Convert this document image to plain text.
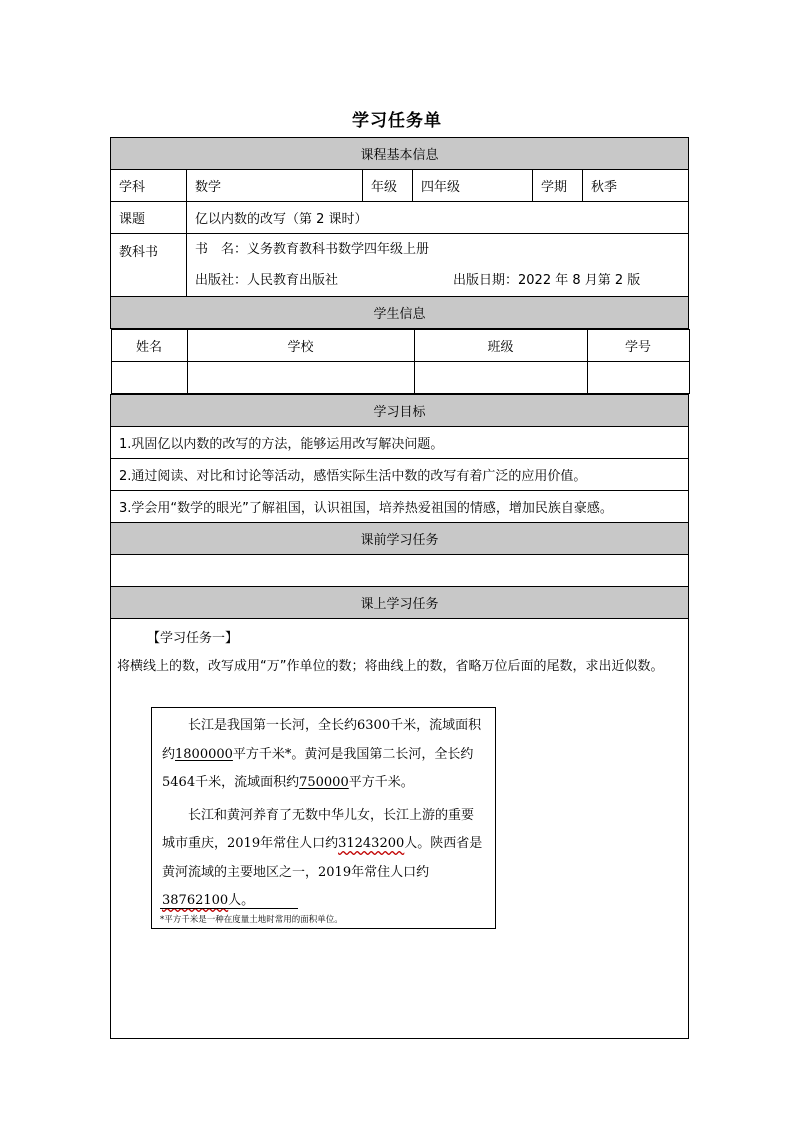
学习任务单
课程基本信息
学科	数学	年级	四年级	学期	秋季
课题	亿以内数的改写（第 2 课时）
教科书	书　名：义务教育教科书数学四年级上册
出版社：人民教育出版社	出版日期：2022 年 8 月第 2 版

学生信息

姓名	学校	班级	学号

学习目标
1.巩固亿以内数的改写的方法，能够运用改写解决问题。
2.通过阅读、对比和讨论等活动，感悟实际生活中数的改写有着广泛的应用价值。
3.学会用“数学的眼光”了解祖国，认识祖国，培养热爱祖国的情感，增加民族自豪感。
课前学习任务

课上学习任务

【学习任务一】
将横线上的数，改写成用“万”作单位的数；将曲线上的数，省略万位后面的尾数，求出近似数。

长江是我国第一长河，全长约6300千米，流域面积约1800000平方千米*。黄河是我国第二长河，全长约5464千米，流域面积约750000平方千米。

长江和黄河养育了无数中华儿女，长江上游的重要城市重庆，2019年常住人口约31243200人。陕西省是黄河流域的主要地区之一，2019年常住人口约38762100人。

*平方千米是一种在度量土地时常用的面积单位。
